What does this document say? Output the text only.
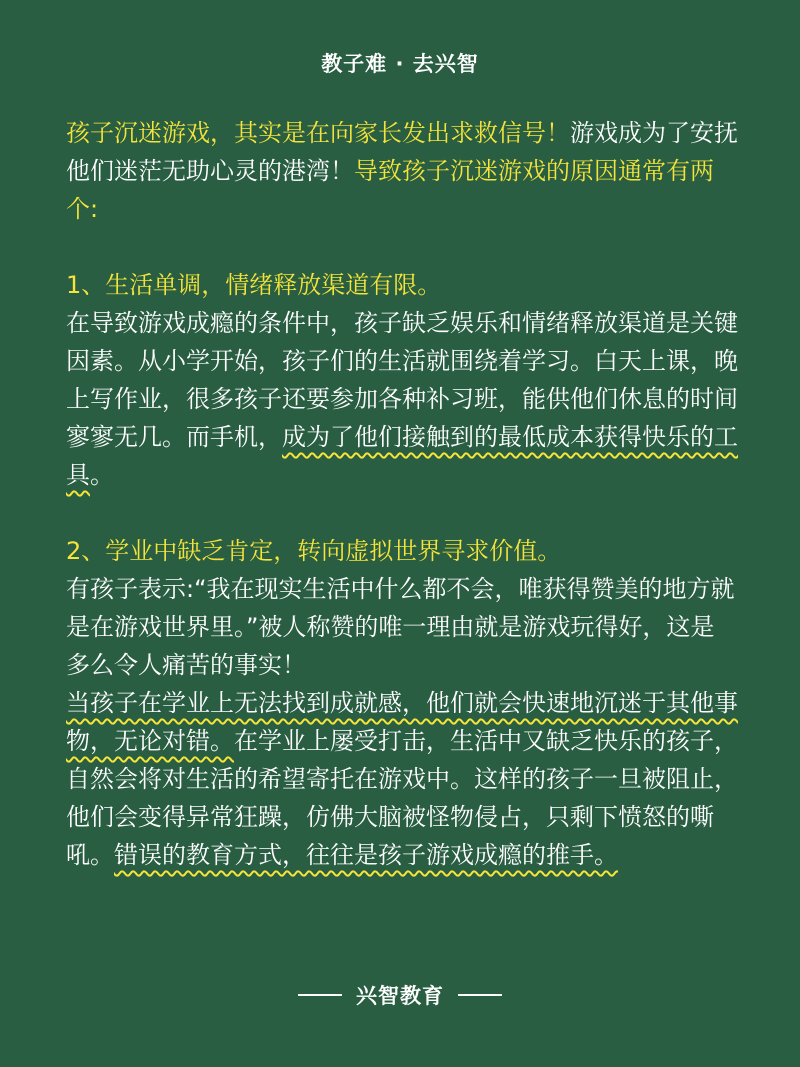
教子难 · 去兴智

孩子沉迷游戏，其实是在向家长发出求救信号！游戏成为了安抚他们迷茫无助心灵的港湾！导致孩子沉迷游戏的原因通常有两个:

1、生活单调，情绪释放渠道有限。

在导致游戏成瘾的条件中，孩子缺乏娱乐和情绪释放渠道是关键因素。从小学开始，孩子们的生活就围绕着学习。白天上课，晚上写作业，很多孩子还要参加各种补习班，能供他们休息的时间寥寥无几。而手机，成为了他们接触到的最低成本获得快乐的工具。

2、学业中缺乏肯定，转向虚拟世界寻求价值。

有孩子表示:“我在现实生活中什么都不会，唯获得赞美的地方就是在游戏世界里。”被人称赞的唯一理由就是游戏玩得好，这是多么令人痛苦的事实！

当孩子在学业上无法找到成就感，他们就会快速地沉迷于其他事物，无论对错。在学业上屡受打击，生活中又缺乏快乐的孩子，自然会将对生活的希望寄托在游戏中。这样的孩子一旦被阻止，他们会变得异常狂躁，仿佛大脑被怪物侵占，只剩下愤怒的嘶吼。错误的教育方式，往往是孩子游戏成瘾的推手。

兴智教育
